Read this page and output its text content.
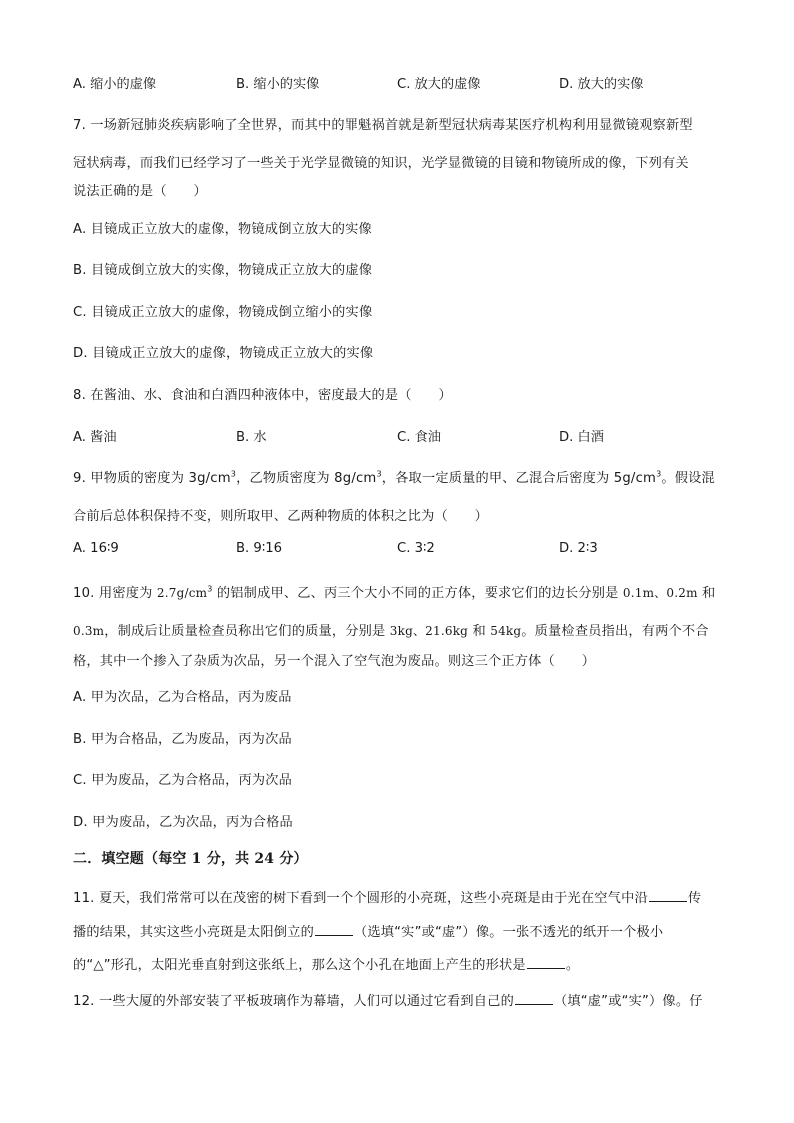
A. 缩小的虚像	B. 缩小的实像	C. 放大的虚像	D. 放大的实像
7. 一场新冠肺炎疾病影响了全世界，而其中的罪魁祸首就是新型冠状病毒某医疗机构利用显微镜观察新型
冠状病毒，而我们已经学习了一些关于光学显微镜的知识，光学显微镜的目镜和物镜所成的像，下列有关
说法正确的是（　　）
A. 目镜成正立放大的虚像，物镜成倒立放大的实像
B. 目镜成倒立放大的实像，物镜成正立放大的虚像
C. 目镜成正立放大的虚像，物镜成倒立缩小的实像
D. 目镜成正立放大的虚像，物镜成正立放大的实像
8. 在酱油、水、食油和白酒四种液体中，密度最大的是（　　）
A. 酱油	B. 水	C. 食油	D. 白酒
9. 甲物质的密度为 $3g/cm^3$，乙物质密度为 $8g/cm^3$，各取一定质量的甲、乙混合后密度为 $5g/cm^3$。假设混
合前后总体积保持不变，则所取甲、乙两种物质的体积之比为（　　）
A. 16∶9	B. 9∶16	C. 3∶2	D. 2∶3
10. 用密度为 $2.7g/cm^3$ 的铝制成甲、乙、丙三个大小不同的正方体，要求它们的边长分别是 0.1m、0.2m 和
0.3m，制成后让质量检查员称出它们的质量，分别是 3kg、21.6kg 和 54kg。质量检查员指出，有两个不合
格，其中一个掺入了杂质为次品，另一个混入了空气泡为废品。则这三个正方体（　　）
A. 甲为次品，乙为合格品，丙为废品
B. 甲为合格品，乙为废品，丙为次品
C. 甲为废品，乙为合格品，丙为次品
D. 甲为废品，乙为次品，丙为合格品
二．填空题（每空 1 分，共 24 分）
11. 夏天，我们常常可以在茂密的树下看到一个个圆形的小亮斑，这些小亮斑是由于光在空气中沿	传
播的结果，其实这些小亮斑是太阳倒立的	（选填“实”或“虚”）像。一张不透光的纸开一个极小
的“△”形孔，太阳光垂直射到这张纸上，那么这个小孔在地面上产生的形状是	。
12. 一些大厦的外部安装了平板玻璃作为幕墙，人们可以通过它看到自己的	（填“虚”或“实”）像。仔
